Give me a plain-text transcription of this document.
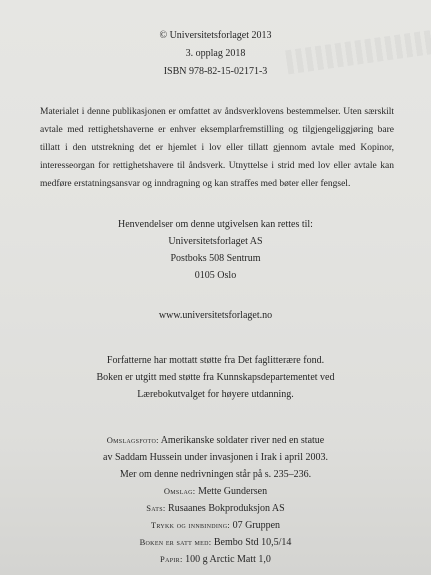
© Universitetsforlaget 2013
3. opplag 2018
ISBN 978-82-15-02171-3
Materialet i denne publikasjonen er omfattet av åndsverklovens bestemmelser. Uten særskilt avtale med rettighetshaverne er enhver eksemplarfremstilling og tilgjengeliggjøring bare tillatt i den utstrekning det er hjemlet i lov eller tillatt gjennom avtale med Kopinor, interesseorgan for rettighetshavere til åndsverk. Utnyttelse i strid med lov eller avtale kan medføre erstatningsansvar og inndragning og kan straffes med bøter eller fengsel.
Henvendelser om denne utgivelsen kan rettes til:
Universitetsforlaget AS
Postboks 508 Sentrum
0105 Oslo
www.universitetsforlaget.no
Forfatterne har mottatt støtte fra Det faglitterære fond.
Boken er utgitt med støtte fra Kunnskapsdepartementet ved
Lærebokutvalget for høyere utdanning.
Omslagsfoto: Amerikanske soldater river ned en statue
av Saddam Hussein under invasjonen i Irak i april 2003.
Mer om denne nedrivningen står på s. 235–236.
Omslag: Mette Gundersen
Sats: Rusaanes Bokproduksjon AS
Trykk og innbinding: 07 Gruppen
Boken er satt med: Bembo Std 10,5/14
Papir: 100 g Arctic Matt 1,0
